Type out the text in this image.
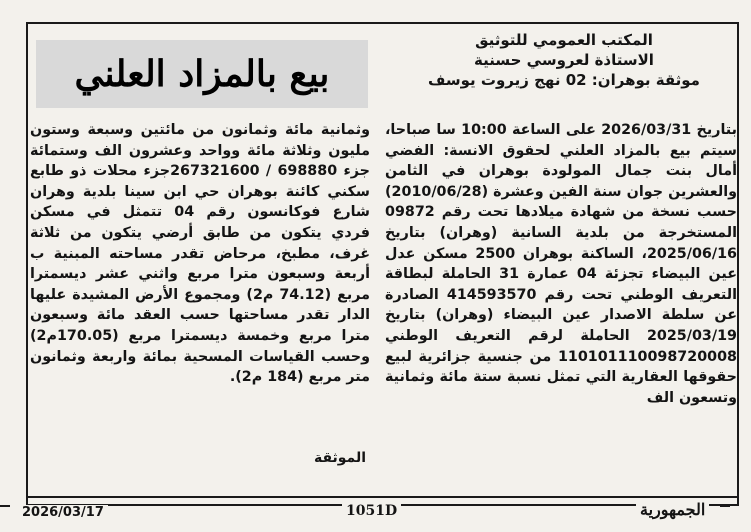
بيع بالمزاد العلني

وثمانية مائة وثمانون من مائتين وسبعة وستون مليون وثلاثة مائة وواحد وعشرون الف وستمائة جزء 698880 / 267321600جزء محلات ذو طابع سكني كائنة بوهران حي ابن سينا بلدية وهران شارع فوكانسون رقم 04 تتمثل في مسكن فردي يتكون من طابق أرضي يتكون من ثلاثة غرف، مطبخ، مرحاض تقدر مساحته المبنية ب أربعة وسبعون مترا مربع واثني عشر ديسمترا مربع (74.12 م2) ومجموع الأرض المشيدة عليها الدار تقدر مساحتها حسب العقد مائة وسبعون مترا مربع وخمسة ديسمترا مربع (170.05م2) وحسب القياسات المسحية بمائة واربعة وثمانون متر مربع (184 م2).

الموثقة
المكتب العمومي للتوثيق
الاستاذة لعروسي حسنية
موثقة بوهران: 02 نهج زيروت يوسف

بتاريخ 2026/03/31 على الساعة 10:00 سا صباحا، سيتم بيع بالمزاد العلني لحقوق الانسة: الفضي أمال بنت جمال المولودة بوهران في الثامن والعشرين جوان سنة الفين وعشرة (2010/06/28) حسب نسخة من شهادة ميلادها تحت رقم 09872 المستخرجة من بلدية السانية (وهران) بتاريخ 2025/06/16، الساكنة بوهران 2500 مسكن عدل عين البيضاء تجزئة 04 عمارة 31 الحاملة لبطاقة التعريف الوطني تحت رقم 414593570 الصادرة عن سلطة الاصدار عين البيضاء (وهران) بتاريخ 2025/03/19 الحاملة لرقم التعريف الوطني 110101110098720008 من جنسية جزائرية لبيع حقوقها العقارية التي تمثل نسبة ستة مائة وثمانية وتسعون الف

2026/03/17	1051D	الجمهورية
